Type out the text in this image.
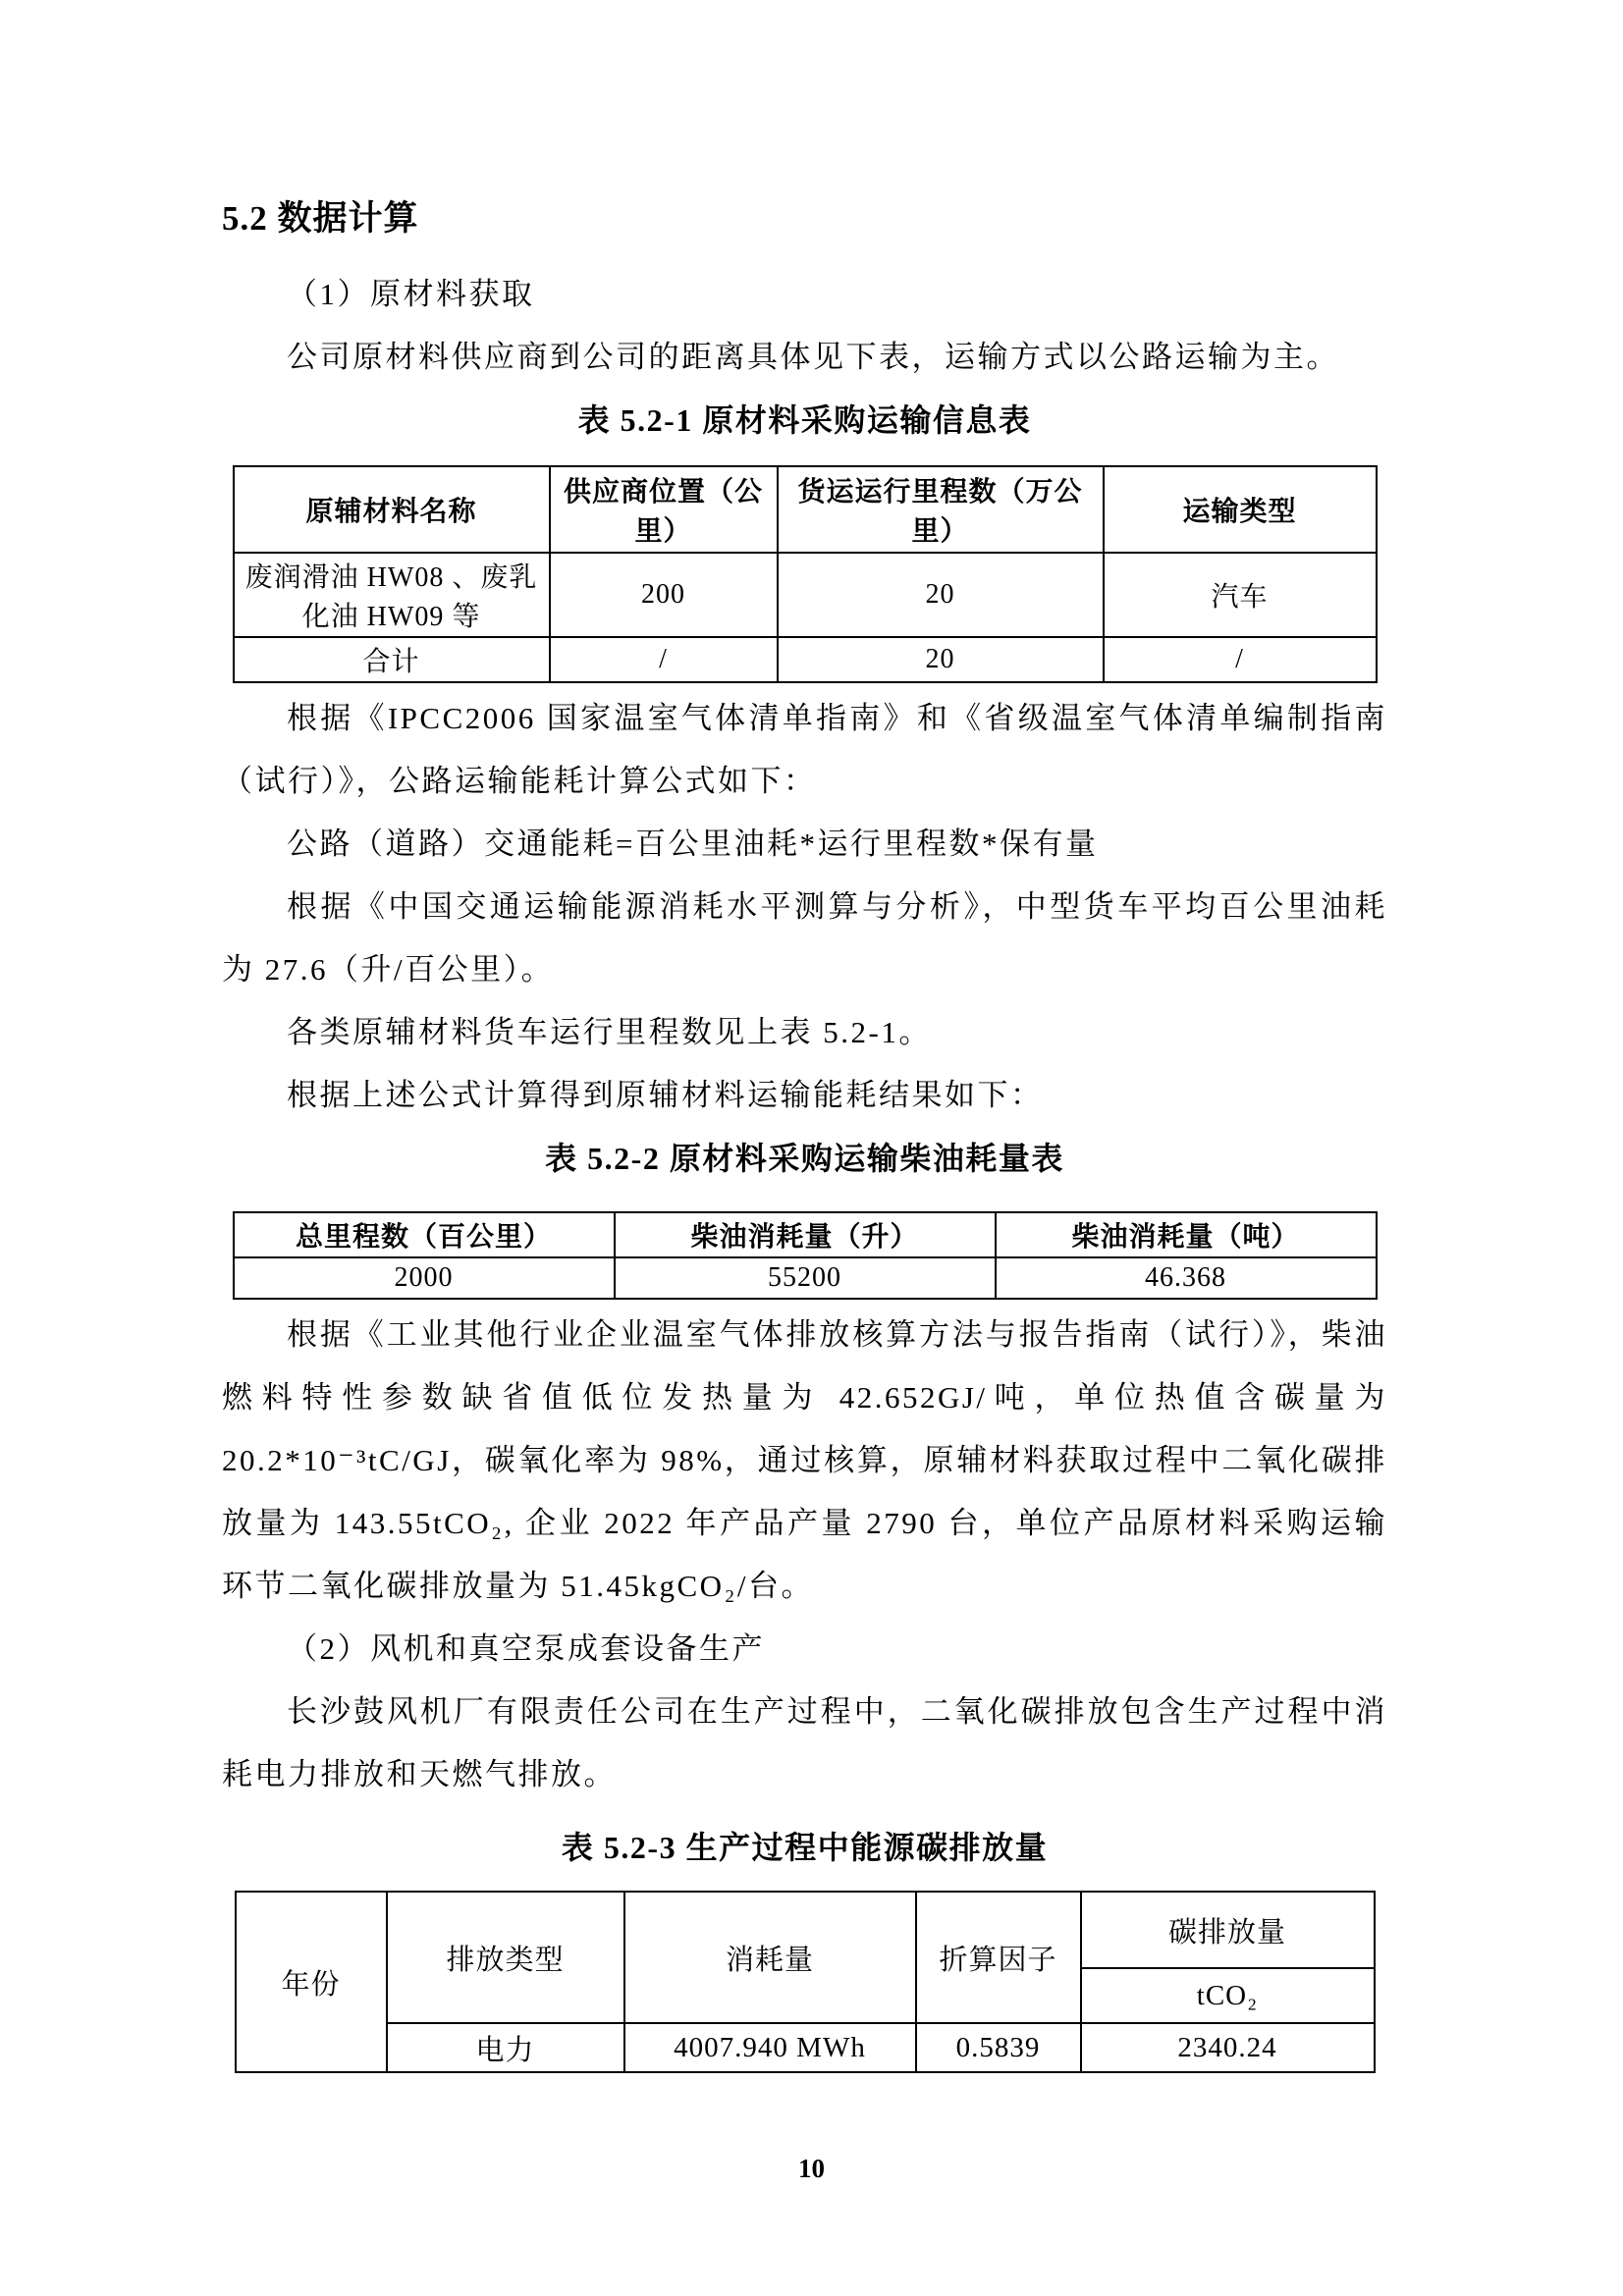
5.2 数据计算

（1）原材料获取

公司原材料供应商到公司的距离具体见下表，运输方式以公路运输为主。

表 5.2-1 原材料采购运输信息表

原辅材料名称	供应商位置（公里）	货运运行里程数（万公里）	运输类型
废润滑油 HW08 、废乳化油 HW09 等	200	20	汽车
合计	/	20	/

根据《IPCC2006 国家温室气体清单指南》和《省级温室气体清单编制指南（试行）》，公路运输能耗计算公式如下：

公路（道路）交通能耗=百公里油耗*运行里程数*保有量

根据《中国交通运输能源消耗水平测算与分析》，中型货车平均百公里油耗为 27.6（升/百公里）。

各类原辅材料货车运行里程数见上表 5.2-1。

根据上述公式计算得到原辅材料运输能耗结果如下：

表 5.2-2 原材料采购运输柴油耗量表

总里程数（百公里）	柴油消耗量（升）	柴油消耗量（吨）
2000	55200	46.368

根据《工业其他行业企业温室气体排放核算方法与报告指南（试行）》，柴油燃料特性参数缺省值低位发热量为 42.652GJ/吨，单位热值含碳量为 20.2*10⁻³tC/GJ，碳氧化率为 98%，通过核算，原辅材料获取过程中二氧化碳排放量为 143.55tCO₂, 企业 2022 年产品产量 2790 台，单位产品原材料采购运输环节二氧化碳排放量为 51.45kgCO₂/台。

（2）风机和真空泵成套设备生产

长沙鼓风机厂有限责任公司在生产过程中，二氧化碳排放包含生产过程中消耗电力排放和天燃气排放。

表 5.2-3 生产过程中能源碳排放量

年份	排放类型	消耗量	折算因子	碳排放量
				tCO₂
	电力	4007.940 MWh	0.5839	2340.24
10
